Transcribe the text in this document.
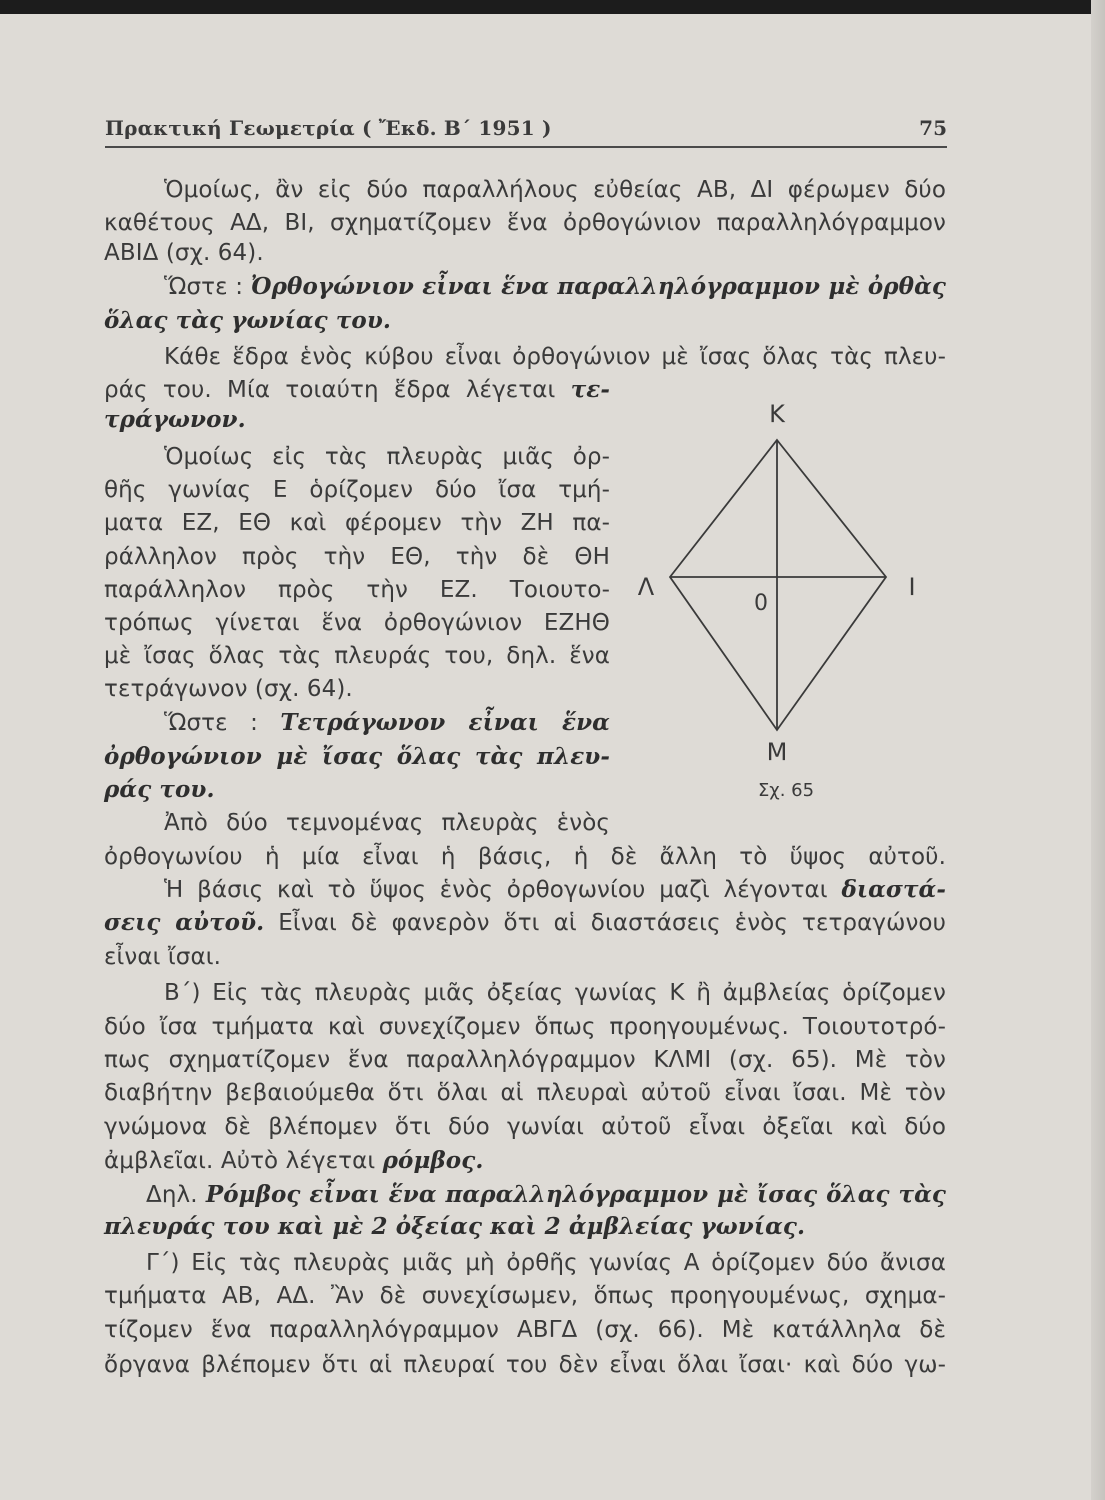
Πρακτική Γεωμετρία ( Ἔκδ. Β΄ 1951 )	75
Ὁμοίως, ἂν εἰς δύο παραλλήλους εὐθείας ΑΒ, ΔΙ φέρωμεν δύο
καθέτους ΑΔ, ΒΙ, σχηματίζομεν ἕνα ὀρθογώνιον παραλληλόγραμμον
ΑΒΙΔ (σχ. 64).
Ὥστε : Ὀρθογώνιον εἶναι ἕνα παραλληλόγραμμον μὲ ὀρθὰς
ὅλας τὰς γωνίας του.
Κάθε ἕδρα ἑνὸς κύβου εἶναι ὀρθογώνιον μὲ ἴσας ὅλας τὰς πλευ-
ράς του. Μία τοιαύτη ἕδρα λέγεται τε-
τράγωνον.
Ὁμοίως εἰς τὰς πλευρὰς μιᾶς ὀρ-
θῆς γωνίας Ε ὁρίζομεν δύο ἴσα τμή-
ματα ΕΖ, ΕΘ καὶ φέρομεν τὴν ΖΗ πα-
ράλληλον πρὸς τὴν ΕΘ, τὴν δὲ ΘΗ
παράλληλον πρὸς τὴν ΕΖ. Τοιουτο-
τρόπως γίνεται ἕνα ὀρθογώνιον ΕΖΗΘ
μὲ ἴσας ὅλας τὰς πλευράς του, δηλ. ἕνα
τετράγωνον (σχ. 64).
Ὥστε : Τετράγωνον εἶναι ἕνα
ὀρθογώνιον μὲ ἴσας ὅλας τὰς πλευ-
ράς του.
Ἀπὸ δύο τεμνομένας πλευρὰς ἑνὸς
ὀρθογωνίου ἡ μία εἶναι ἡ βάσις, ἡ δὲ ἄλλη τὸ ὕψος αὐτοῦ.
Ἡ βάσις καὶ τὸ ὕψος ἑνὸς ὀρθογωνίου μαζὶ λέγονται διαστά-
σεις αὐτοῦ. Εἶναι δὲ φανερὸν ὅτι αἱ διαστάσεις ἑνὸς τετραγώνου
εἶναι ἴσαι.
Β΄) Εἰς τὰς πλευρὰς μιᾶς ὀξείας γωνίας Κ ἢ ἀμβλείας ὁρίζομεν
δύο ἴσα τμήματα καὶ συνεχίζομεν ὅπως προηγουμένως. Τοιουτοτρό-
πως σχηματίζομεν ἕνα παραλληλόγραμμον ΚΛΜΙ (σχ. 65). Μὲ τὸν
διαβήτην βεβαιούμεθα ὅτι ὅλαι αἱ πλευραὶ αὐτοῦ εἶναι ἴσαι. Μὲ τὸν
γνώμονα δὲ βλέπομεν ὅτι δύο γωνίαι αὐτοῦ εἶναι ὀξεῖαι καὶ δύο
ἀμβλεῖαι. Αὐτὸ λέγεται ρόμβος.
Δηλ. Ρόμβος εἶναι ἕνα παραλληλόγραμμον μὲ ἴσας ὅλας τὰς
πλευράς του καὶ μὲ 2 ὀξείας καὶ 2 ἀμβλείας γωνίας.
Γ΄) Εἰς τὰς πλευρὰς μιᾶς μὴ ὀρθῆς γωνίας Α ὁρίζομεν δύο ἄνισα
τμήματα ΑΒ, ΑΔ. Ἂν δὲ συνεχίσωμεν, ὅπως προηγουμένως, σχημα-
τίζομεν ἕνα παραλληλόγραμμον ΑΒΓΔ (σχ. 66). Μὲ κατάλληλα δὲ
ὄργανα βλέπομεν ὅτι αἱ πλευραί του δὲν εἶναι ὅλαι ἴσαι· καὶ δύο γω-
Κ
Λ	Ι
Μ
0
Σχ. 65
